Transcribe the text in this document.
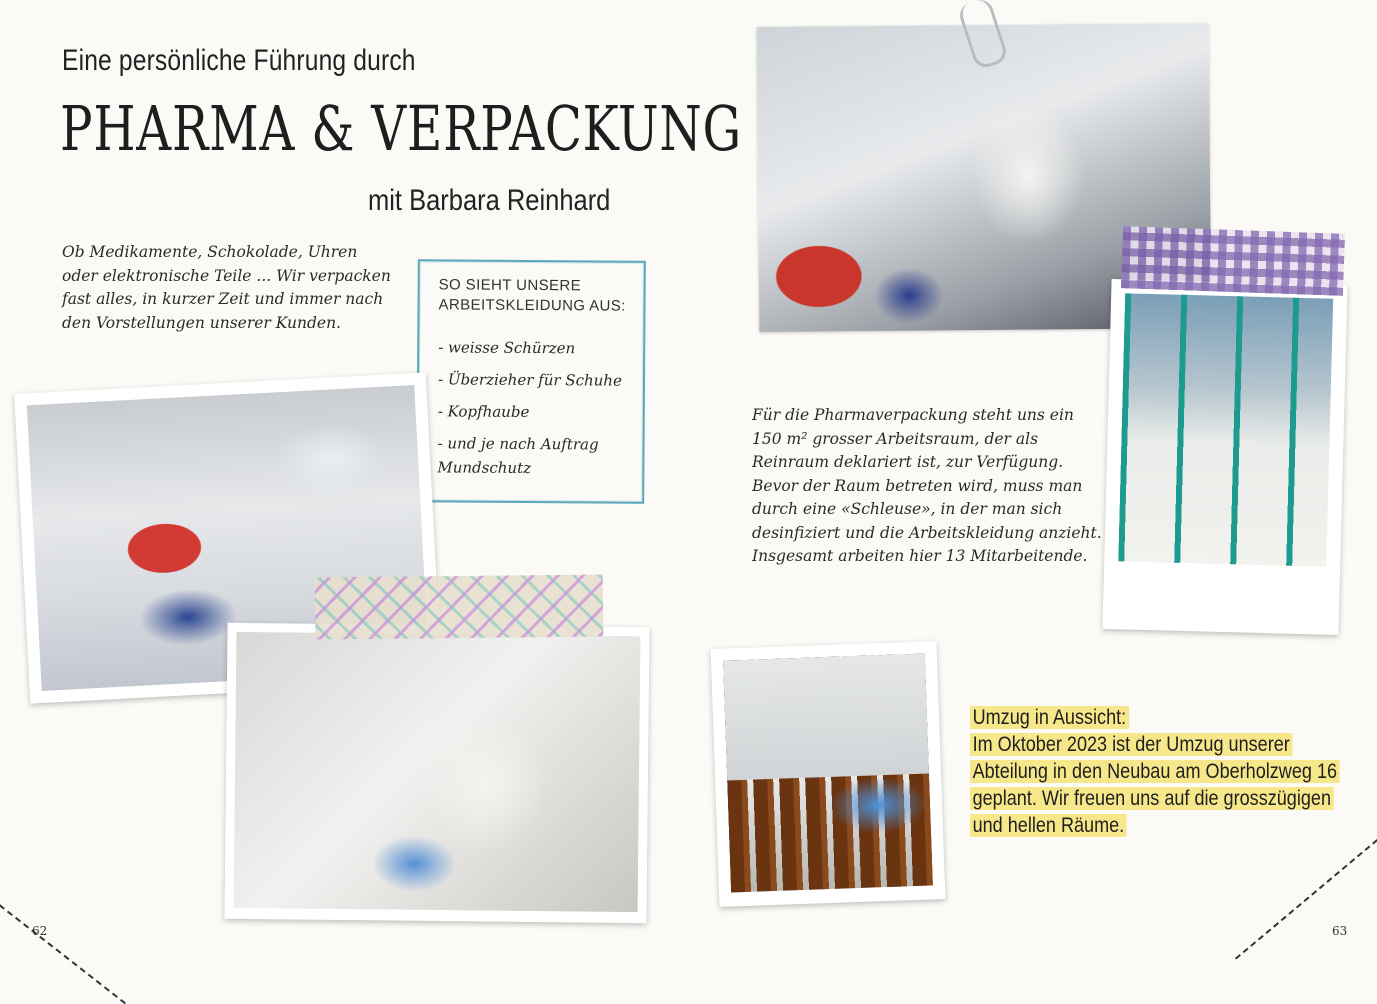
Eine persönliche Führung durch
PHARMA & VERPACKUNG
mit Barbara Reinhard

Ob Medikamente, Schokolade, Uhren oder elektronische Teile ... Wir verpacken fast alles, in kurzer Zeit und immer nach den Vorstellungen unserer Kunden.

SO SIEHT UNSERE ARBEITSKLEIDUNG AUS:
- weisse Schürzen
- Überzieher für Schuhe
- Kopfhaube
- und je nach Auftrag Mundschutz

Für die Pharmaverpackung steht uns ein 150 m² grosser Arbeitsraum, der als Reinraum deklariert ist, zur Verfügung. Bevor der Raum betreten wird, muss man durch eine «Schleuse», in der man sich desinfiziert und die Arbeitskleidung anzieht. Insgesamt arbeiten hier 13 Mitarbeitende.

Umzug in Aussicht:
Im Oktober 2023 ist der Umzug unserer
Abteilung in den Neubau am Oberholzweg 16
geplant. Wir freuen uns auf die grosszügigen
und hellen Räume.
62	63
